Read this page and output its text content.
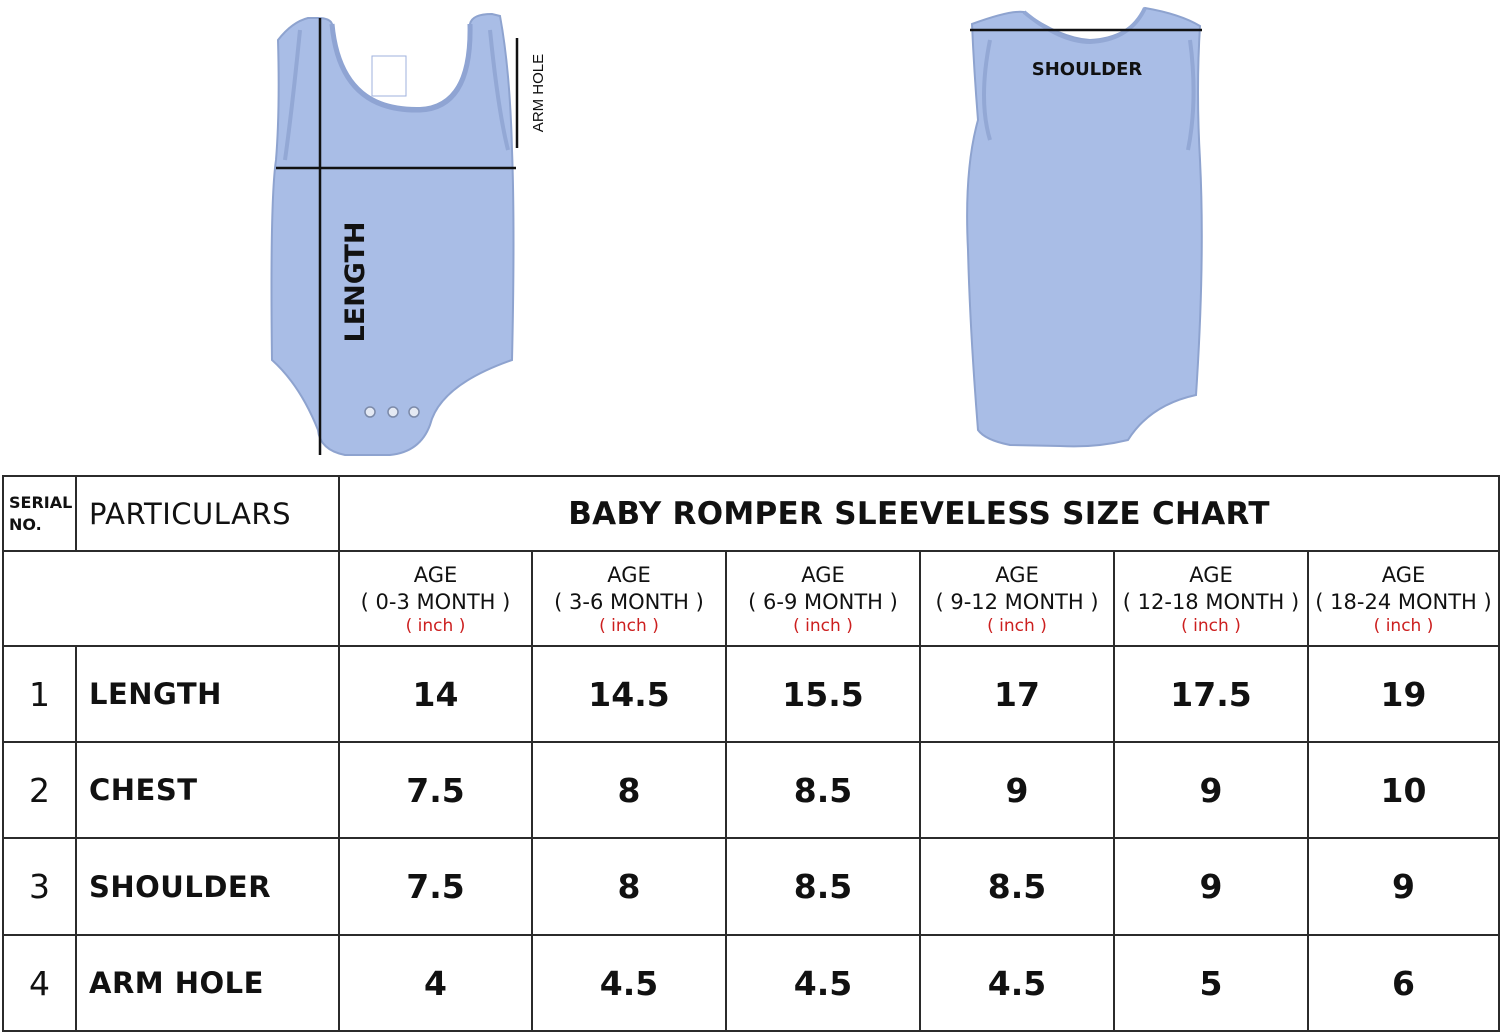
ARM HOLE
LENGTH
SHOULDER
SERIAL
NO.	PARTICULARS	BABY ROMPER SLEEVELESS SIZE CHART					

		AGE
( 0-3 MONTH )
( inch )	AGE
( 3-6 MONTH )
( inch )	AGE
( 6-9 MONTH )
( inch )	AGE
( 9-12 MONTH )
( inch )	AGE
( 12-18 MONTH )
( inch )	AGE
( 18-24 MONTH )
( inch )

1	LENGTH	14	14.5	15.5	17	17.5	19
2	CHEST	7.5	8	8.5	9	9	10
3	SHOULDER	7.5	8	8.5	8.5	9	9
4	ARM HOLE	4	4.5	4.5	4.5	5	6
